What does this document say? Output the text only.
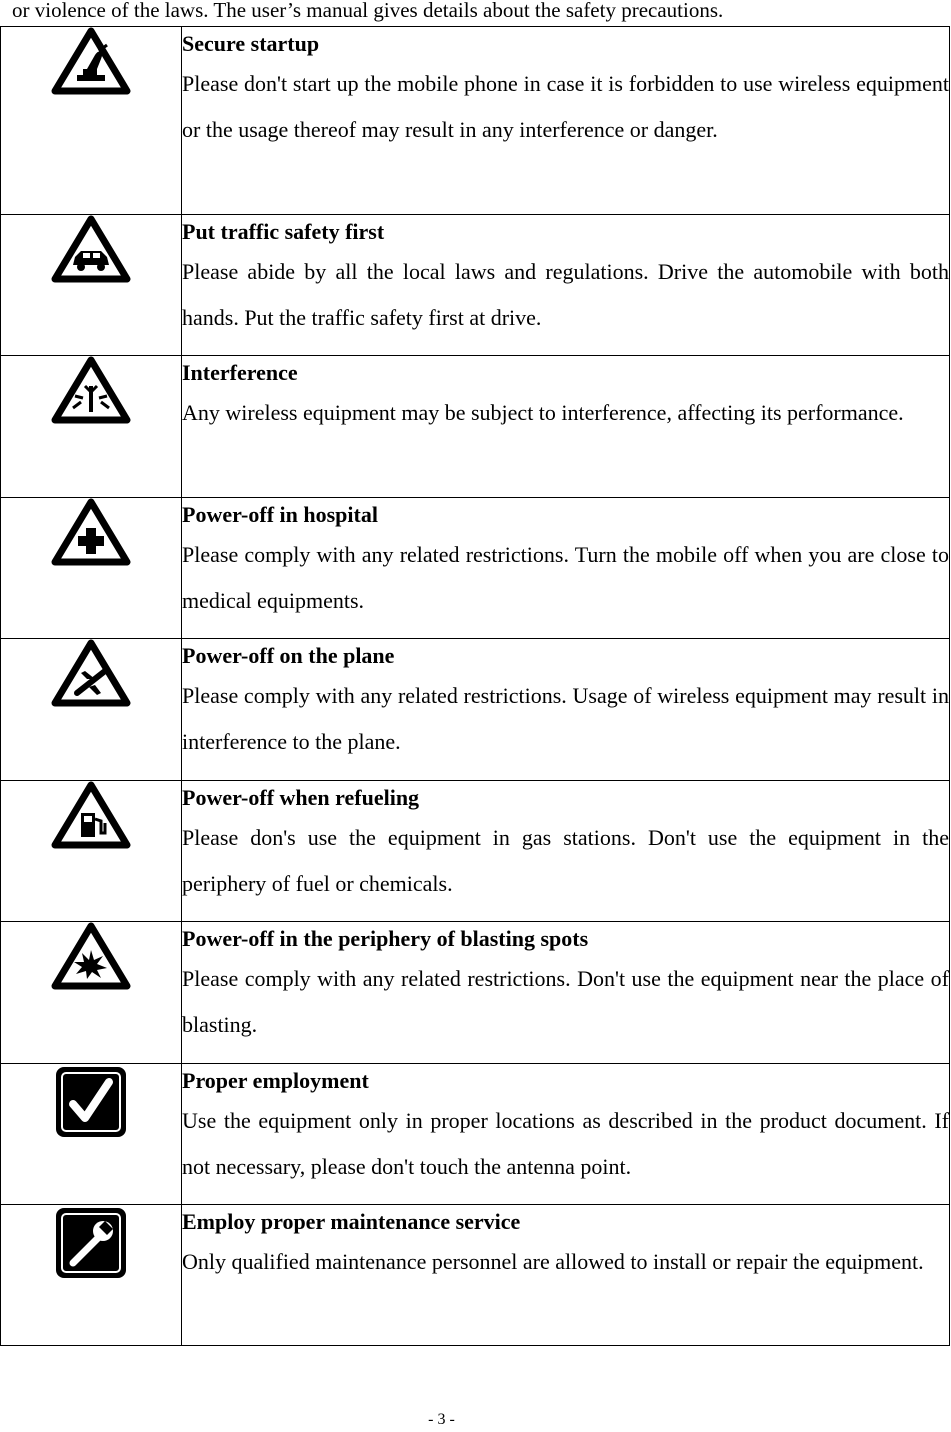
or violence of the laws. The user’s manual gives details about the safety precautions.

Secure startup

Please don't start up the mobile phone in case it is forbidden to use wireless equipment or the usage thereof may result in any interference or danger.

Put traffic safety first

Please abide by all the local laws and regulations. Drive the automobile with both hands. Put the traffic safety first at drive.

Interference

Any wireless equipment may be subject to interference, affecting its performance.

Power-off in hospital

Please comply with any related restrictions. Turn the mobile off when you are close to medical equipments.

Power-off on the plane

Please comply with any related restrictions. Usage of wireless equipment may result in interference to the plane.

Power-off when refueling

Please don's use the equipment in gas stations. Don't use the equipment in the periphery of fuel or chemicals.

Power-off in the periphery of blasting spots

Please comply with any related restrictions. Don't use the equipment near the place of blasting.

Proper employment

Use the equipment only in proper locations as described in the product document. If not necessary, please don't touch the antenna point.

Employ proper maintenance service

Only qualified maintenance personnel are allowed to install or repair the equipment.

- 3 -
